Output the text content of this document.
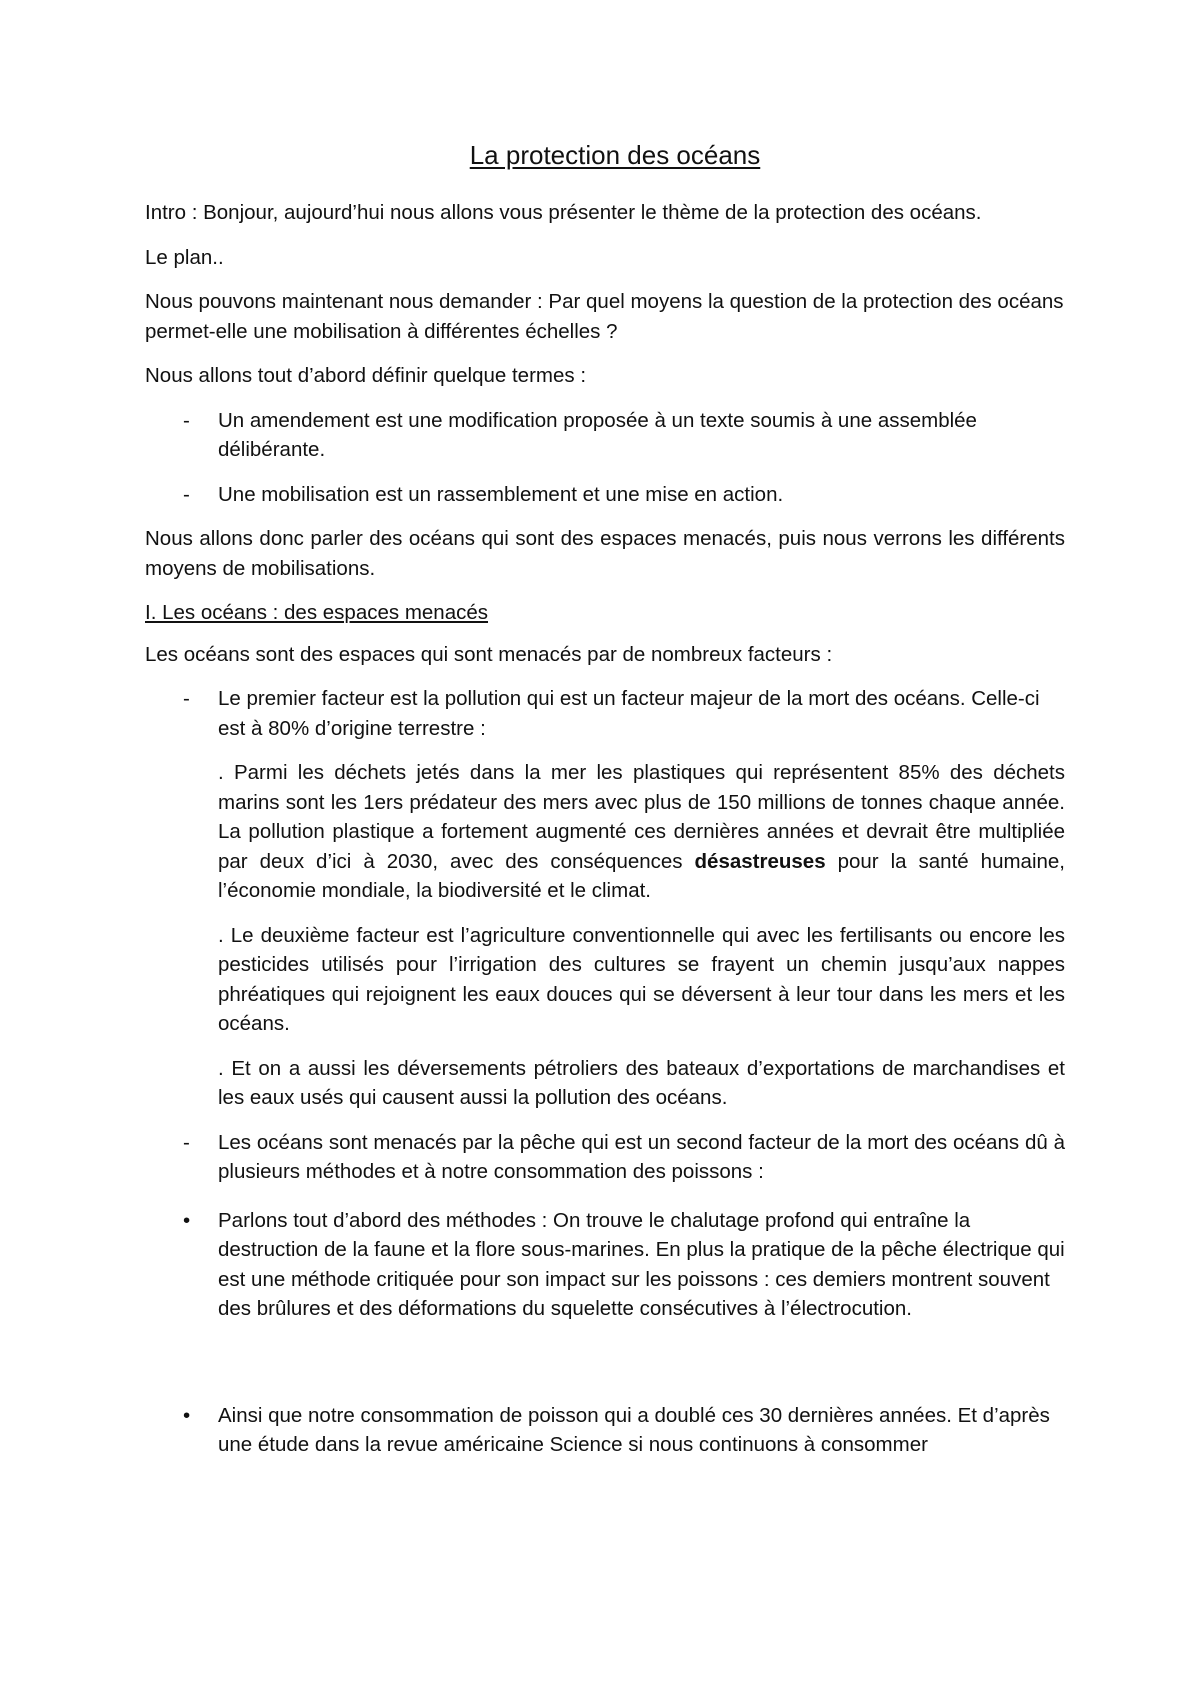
La protection des océans

Intro : Bonjour, aujourd’hui nous allons vous présenter le thème de la protection des océans.

Le plan..

Nous pouvons maintenant nous demander : Par quel moyens la question de la protection des océans permet-elle une mobilisation à différentes échelles ?

Nous allons tout d’abord définir quelque termes :

- Un amendement est une modification proposée à un texte soumis à une assemblée délibérante.
- Une mobilisation est un rassemblement et une mise en action.

Nous allons donc parler des océans qui sont des espaces menacés, puis nous verrons les différents moyens de mobilisations.

I. Les océans : des espaces menacés

Les océans sont des espaces qui sont menacés par de nombreux facteurs :

- Le premier facteur est la pollution qui est un facteur majeur de la mort des océans. Celle-ci est à 80% d’origine terrestre :
. Parmi les déchets jetés dans la mer les plastiques qui représentent 85% des déchets marins sont les 1ers prédateur des mers avec plus de 150 millions de tonnes chaque année. La pollution plastique a fortement augmenté ces dernières années et devrait être multipliée par deux d’ici à 2030, avec des conséquences désastreuses pour la santé humaine, l’économie mondiale, la biodiversité et le climat.
. Le deuxième facteur est l’agriculture conventionnelle qui avec les fertilisants ou encore les pesticides utilisés pour l’irrigation des cultures se frayent un chemin jusqu’aux nappes phréatiques qui rejoignent les eaux douces qui se déversent à leur tour dans les mers et les océans.
. Et on a aussi les déversements pétroliers des bateaux d’exportations de marchandises et les eaux usés qui causent aussi la pollution des océans.
- Les océans sont menacés par la pêche qui est un second facteur de la mort des océans dû à plusieurs méthodes et à notre consommation des poissons :
• Parlons tout d’abord des méthodes : On trouve le chalutage profond qui entraîne la destruction de la faune et la flore sous-marines. En plus la pratique de la pêche électrique qui est une méthode critiquée pour son impact sur les poissons : ces demiers montrent souvent des brûlures et des déformations du squelette consécutives à l’électrocution.
• Ainsi que notre consommation de poisson qui a doublé ces 30 dernières années. Et d’après une étude dans la revue américaine Science si nous continuons à consommer
